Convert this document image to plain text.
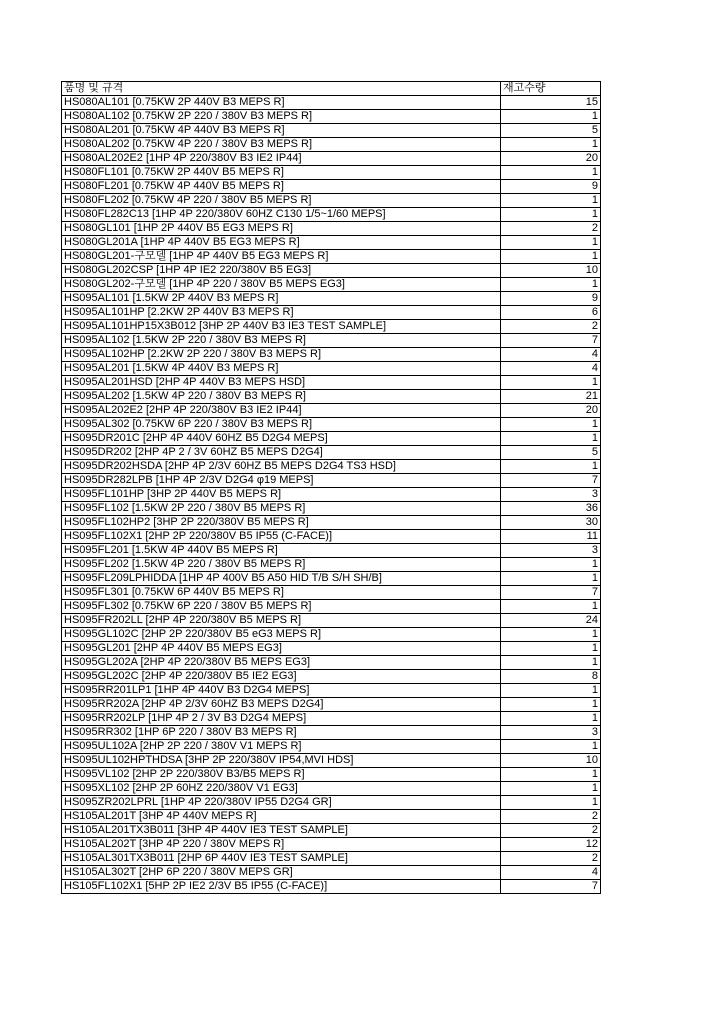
품명 및 규격	재고수량
HS080AL101 [0.75KW 2P 440V B3 MEPS R]	15
HS080AL102 [0.75KW 2P 220 / 380V B3 MEPS R]	1
HS080AL201 [0.75KW 4P 440V B3 MEPS R]	5
HS080AL202 [0.75KW 4P 220 / 380V B3 MEPS R]	1
HS080AL202E2 [1HP 4P 220/380V B3 IE2 IP44]	20
HS080FL101 [0.75KW 2P 440V B5 MEPS R]	1
HS080FL201 [0.75KW 4P 440V B5 MEPS R]	9
HS080FL202 [0.75KW 4P 220 / 380V B5 MEPS R]	1
HS080FL282C13 [1HP 4P 220/380V 60HZ C130 1/5~1/60 MEPS]	1
HS080GL101 [1HP 2P 440V B5 EG3 MEPS R]	2
HS080GL201A [1HP 4P 440V B5 EG3 MEPS R]	1
HS080GL201-구모델 [1HP 4P 440V B5 EG3 MEPS R]	1
HS080GL202CSP [1HP 4P IE2 220/380V B5 EG3]	10
HS080GL202-구모델 [1HP 4P 220 / 380V B5 MEPS EG3]	1
HS095AL101 [1.5KW 2P 440V B3 MEPS R]	9
HS095AL101HP [2.2KW 2P 440V B3 MEPS R]	6
HS095AL101HP15X3B012 [3HP 2P 440V B3 IE3 TEST SAMPLE]	2
HS095AL102 [1.5KW 2P 220 / 380V B3 MEPS R]	7
HS095AL102HP [2.2KW 2P 220 / 380V B3 MEPS R]	4
HS095AL201 [1.5KW 4P 440V B3 MEPS R]	4
HS095AL201HSD [2HP 4P 440V B3 MEPS HSD]	1
HS095AL202 [1.5KW 4P 220 / 380V B3 MEPS R]	21
HS095AL202E2 [2HP 4P 220/380V B3 IE2 IP44]	20
HS095AL302 [0.75KW 6P 220 / 380V B3 MEPS R]	1
HS095DR201C [2HP 4P 440V 60HZ B5 D2G4 MEPS]	1
HS095DR202 [2HP 4P 2 / 3V 60HZ B5 MEPS D2G4]	5
HS095DR202HSDA [2HP 4P 2/3V 60HZ B5 MEPS D2G4 TS3 HSD]	1
HS095DR282LPB [1HP 4P 2/3V D2G4 φ19 MEPS]	7
HS095FL101HP [3HP 2P 440V B5 MEPS R]	3
HS095FL102 [1.5KW 2P 220 / 380V B5 MEPS R]	36
HS095FL102HP2 [3HP 2P 220/380V B5 MEPS R]	30
HS095FL102X1 [2HP 2P 220/380V B5 IP55 (C-FACE)]	11
HS095FL201 [1.5KW 4P 440V B5 MEPS R]	3
HS095FL202 [1.5KW 4P 220 / 380V B5 MEPS R]	1
HS095FL209LPHIDDA [1HP 4P 400V B5 A50 HID T/B S/H SH/B]	1
HS095FL301 [0.75KW 6P 440V B5 MEPS R]	7
HS095FL302 [0.75KW 6P 220 / 380V B5 MEPS R]	1
HS095FR202LL [2HP 4P 220/380V B5 MEPS R]	24
HS095GL102C [2HP 2P 220/380V B5 eG3 MEPS R]	1
HS095GL201 [2HP 4P 440V B5 MEPS EG3]	1
HS095GL202A [2HP 4P 220/380V B5 MEPS EG3]	1
HS095GL202C [2HP 4P 220/380V B5 IE2 EG3]	8
HS095RR201LP1 [1HP 4P 440V B3 D2G4 MEPS]	1
HS095RR202A [2HP 4P 2/3V 60HZ B3 MEPS D2G4]	1
HS095RR202LP [1HP 4P 2 / 3V B3 D2G4 MEPS]	1
HS095RR302 [1HP 6P 220 / 380V B3 MEPS R]	3
HS095UL102A [2HP 2P 220 / 380V V1 MEPS R]	1
HS095UL102HPTHDSA [3HP 2P 220/380V IP54,MVI HDS]	10
HS095VL102 [2HP 2P 220/380V B3/B5 MEPS R]	1
HS095XL102 [2HP 2P 60HZ 220/380V V1 EG3]	1
HS095ZR202LPRL [1HP 4P 220/380V IP55 D2G4 GR]	1
HS105AL201T [3HP 4P 440V MEPS R]	2
HS105AL201TX3B011 [3HP 4P 440V IE3 TEST SAMPLE]	2
HS105AL202T [3HP 4P 220 / 380V MEPS R]	12
HS105AL301TX3B011 [2HP 6P 440V IE3 TEST SAMPLE]	2
HS105AL302T [2HP 6P 220 / 380V MEPS GR]	4
HS105FL102X1 [5HP 2P IE2 2/3V B5 IP55 (C-FACE)]	7
